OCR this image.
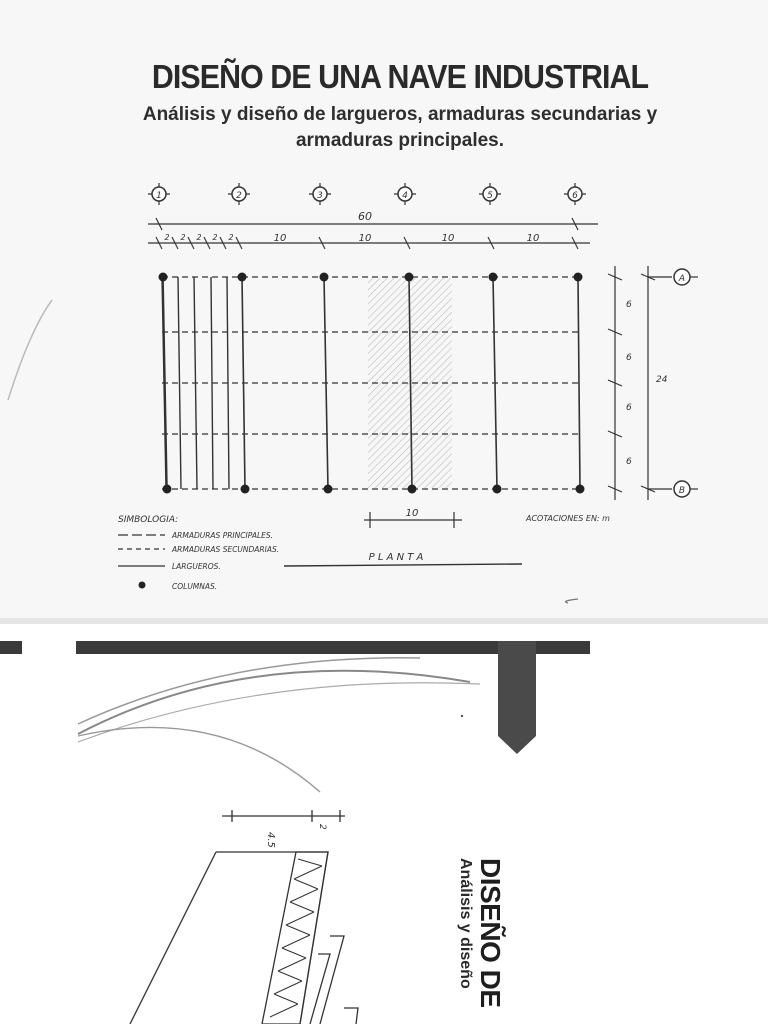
DISEÑO DE UNA NAVE INDUSTRIAL
Análisis y diseño de largueros, armaduras secundarias y
armaduras principales.
1	2	3	4	5	6
60
2 2 2 2 2	10	10	10	10
6
6
6
6
24
A
B
SIMBOLOGIA:
ARMADURAS PRINCIPALES.
ARMADURAS SECUNDARIAS.
LARGUEROS.
COLUMNAS.
10	ACOTACIONES EN: m
P L A N T A
4.5
2
DISEÑO DE
Análisis y diseño
